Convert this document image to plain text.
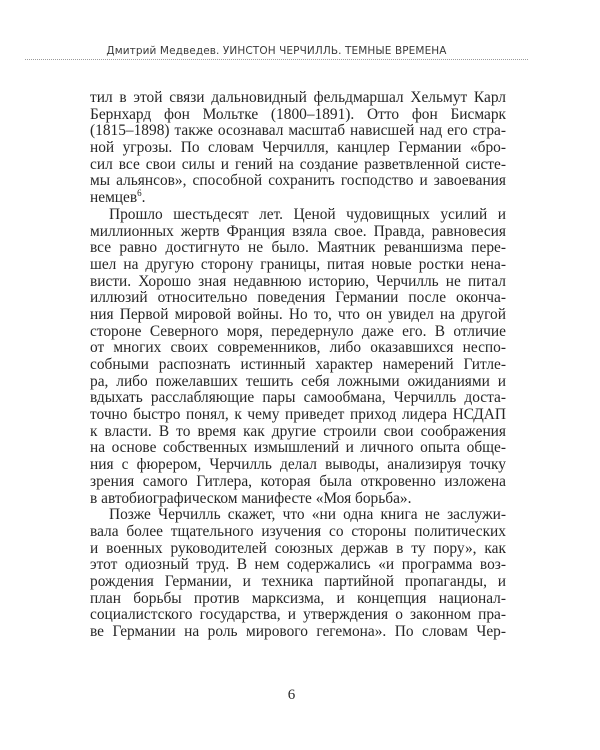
Дмитрий Медведев. УИНСТОН ЧЕРЧИЛЛЬ. ТЕМНЫЕ ВРЕМЕНА
тил в этой связи дальновидный фельдмаршал Хельмут Карл
Бернхард фон Мольтке (1800–1891). Отто фон Бисмарк
(1815–1898) также осознавал масштаб нависшей над его стра-
ной угрозы. По словам Черчилля, канцлер Германии «бро-
сил все свои силы и гений на создание разветвленной систе-
мы альянсов», способной сохранить господство и завоевания
немцев$^6$.
Прошло шестьдесят лет. Ценой чудовищных усилий и
миллионных жертв Франция взяла свое. Правда, равновесия
все равно достигнуто не было. Маятник реваншизма пере-
шел на другую сторону границы, питая новые ростки нена-
висти. Хорошо зная недавнюю историю, Черчилль не питал
иллюзий относительно поведения Германии после оконча-
ния Первой мировой войны. Но то, что он увидел на другой
стороне Северного моря, передернуло даже его. В отличие
от многих своих современников, либо оказавшихся неспо-
собными распознать истинный характер намерений Гитле-
ра, либо пожелавших тешить себя ложными ожиданиями и
вдыхать расслабляющие пары самообмана, Черчилль доста-
точно быстро понял, к чему приведет приход лидера НСДАП
к власти. В то время как другие строили свои соображения
на основе собственных измышлений и личного опыта обще-
ния с фюрером, Черчилль делал выводы, анализируя точку
зрения самого Гитлера, которая была откровенно изложена
в автобиографическом манифесте «Моя борьба».
Позже Черчилль скажет, что «ни одна книга не заслужи-
вала более тщательного изучения со стороны политических
и военных руководителей союзных держав в ту пору», как
этот одиозный труд. В нем содержались «и программа воз-
рождения Германии, и техника партийной пропаганды, и
план борьбы против марксизма, и концепция национал-
социалистского государства, и утверждения о законном пра-
ве Германии на роль мирового гегемона». По словам Чер-
6
